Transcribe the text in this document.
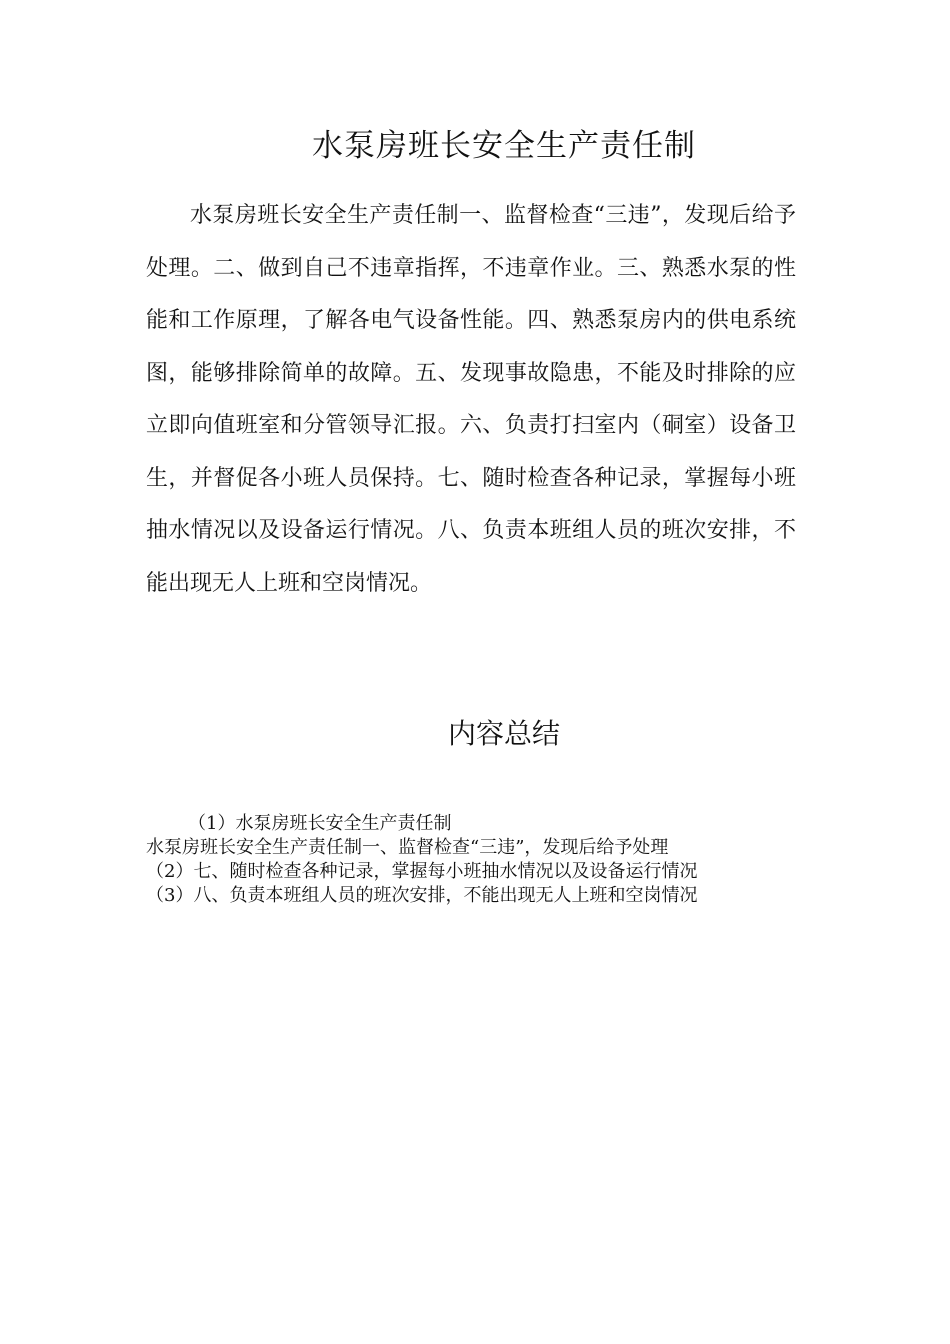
水泵房班长安全生产责任制

水泵房班长安全生产责任制一、监督检查“三违”，发现后给予处理。二、做到自己不违章指挥，不违章作业。三、熟悉水泵的性能和工作原理，了解各电气设备性能。四、熟悉泵房内的供电系统图，能够排除简单的故障。五、发现事故隐患，不能及时排除的应立即向值班室和分管领导汇报。六、负责打扫室内（硐室）设备卫生，并督促各小班人员保持。七、随时检查各种记录，掌握每小班抽水情况以及设备运行情况。八、负责本班组人员的班次安排，不能出现无人上班和空岗情况。

内容总结
（1）水泵房班长安全生产责任制
水泵房班长安全生产责任制一、监督检查“三违”，发现后给予处理
（2）七、随时检查各种记录，掌握每小班抽水情况以及设备运行情况
（3）八、负责本班组人员的班次安排，不能出现无人上班和空岗情况
